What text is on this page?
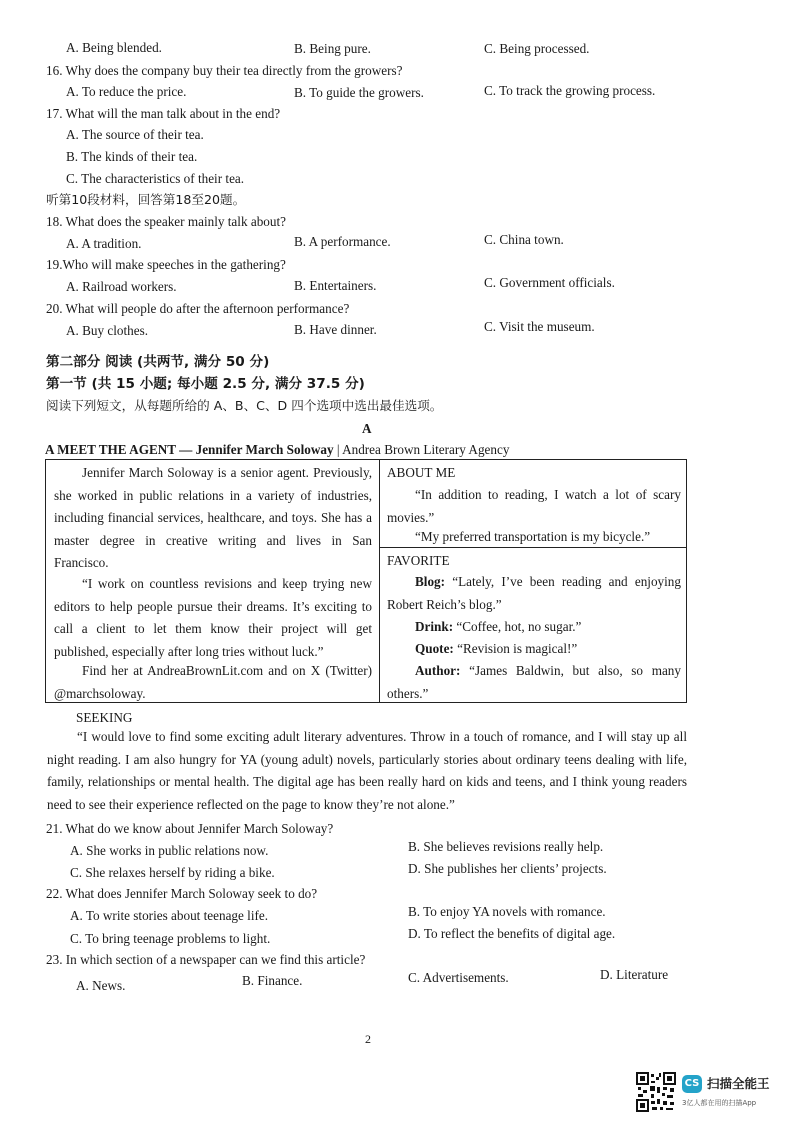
A. Being blended.	B. Being pure.	C. Being processed.
16. Why does the company buy their tea directly from the growers?
A. To reduce the price.	B. To guide the growers.	C. To track the growing process.
17. What will the man talk about in the end?
A. The source of their tea.
B. The kinds of their tea.
C. The characteristics of their tea.
听第10段材料，回答第18至20题。
18. What does the speaker mainly talk about?
A. A tradition.	B. A performance.	C. China town.
19.Who will make speeches in the gathering?
A. Railroad workers.	B. Entertainers.	C. Government officials.
20. What will people do after the afternoon performance?
A. Buy clothes.	B. Have dinner.	C. Visit the museum.
第二部分 阅读 (共两节, 满分 50 分)
第一节 (共 15 小题; 每小题 2.5 分, 满分 37.5 分)
阅读下列短文，从每题所给的 A、B、C、D 四个选项中选出最佳选项。
A
A MEET THE AGENT — Jennifer March Soloway | Andrea Brown Literary Agency
Jennifer March Soloway is a senior agent. Previously, she worked in public relations in a variety of industries, including financial services, healthcare, and toys. She has a master degree in creative writing and lives in San Francisco.
“I work on countless revisions and keep trying new editors to help people pursue their dreams. It’s exciting to call a client to let them know their project will get published, especially after long tries without luck.”
Find her at AndreaBrownLit.com and on X (Twitter) @marchsoloway.
ABOUT ME
“In addition to reading, I watch a lot of scary movies.”
“My preferred transportation is my bicycle.”
FAVORITE
Blog: “Lately, I’ve been reading and enjoying Robert Reich’s blog.”
Drink: “Coffee, hot, no sugar.”
Quote: “Revision is magical!”
Author: “James Baldwin, but also, so many others.”
SEEKING
“I would love to find some exciting adult literary adventures. Throw in a touch of romance, and I will stay up all night reading. I am also hungry for YA (young adult) novels, particularly stories about ordinary teens dealing with life, family, relationships or mental health. The digital age has been really hard on kids and teens, and I think young readers need to see their experience reflected on the page to know they’re not alone.”
21. What do we know about Jennifer March Soloway?
A. She works in public relations now.	B. She believes revisions really help.
C. She relaxes herself by riding a bike.	D. She publishes her clients’ projects.
22. What does Jennifer March Soloway seek to do?
A. To write stories about teenage life.	B. To enjoy YA novels with romance.
C. To bring teenage problems to light.	D. To reflect the benefits of digital age.
23. In which section of a newspaper can we find this article?
A. News.	B. Finance.	C. Advertisements.	D. Literature
2
CS 扫描全能王
3亿人都在用的扫描App
